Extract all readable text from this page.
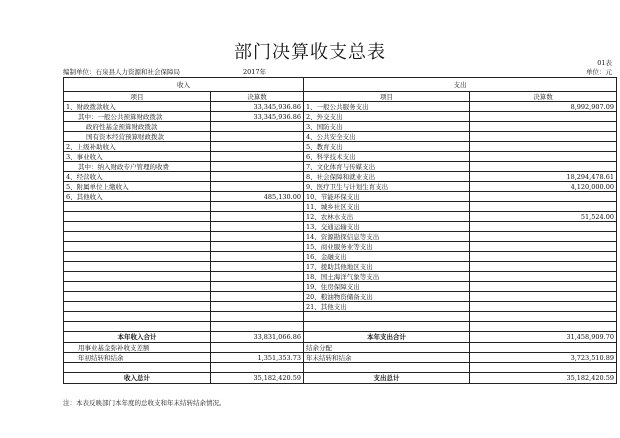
部门决算收支总表	01表
编制单位：石泉县人力资源和社会保障局	2017年	单位：元
收入		支出	
项目	决算数	项目	决算数
1、财政拨款收入	33,345,936.86	1、一般公共服务支出	8,992,907.09
其中：一般公共预算财政拨款	33,345,936.86	2、外交支出	
政府性基金预算财政拨款		3、国防支出	
国有资本经营预算财政拨款		4、公共安全支出	
2、上级补助收入		5、教育支出	
3、事业收入		6、科学技术支出	
其中：纳入财政专户管理的收费		7、文化体育与传媒支出	
4、经营收入		8、社会保障和就业支出	18,294,478.61
5、附属单位上缴收入		9、医疗卫生与计划生育支出	4,120,000.00
6、其他收入	485,130.00	10、节能环保支出	
		11、城乡社区支出	
		12、农林水支出	51,524.00
		13、交通运输支出	
		14、资源勘探信息等支出	
		15、商业服务业等支出	
		16、金融支出	
		17、援助其他地区支出	
		18、国土海洋气象等支出	
		19、住房保障支出	
		20、粮油物资储备支出	
		21、其他支出	

本年收入合计	33,831,066.86	本年支出合计	31,458,909.70
用事业基金弥补收支差额		结余分配	
年初结转和结余	1,351,353.73	年末结转和结余	3,723,510.89

收入总计	35,182,420.59	支出总计	35,182,420.59
注：本表反映部门本年度的总收支和年末结转结余情况。
